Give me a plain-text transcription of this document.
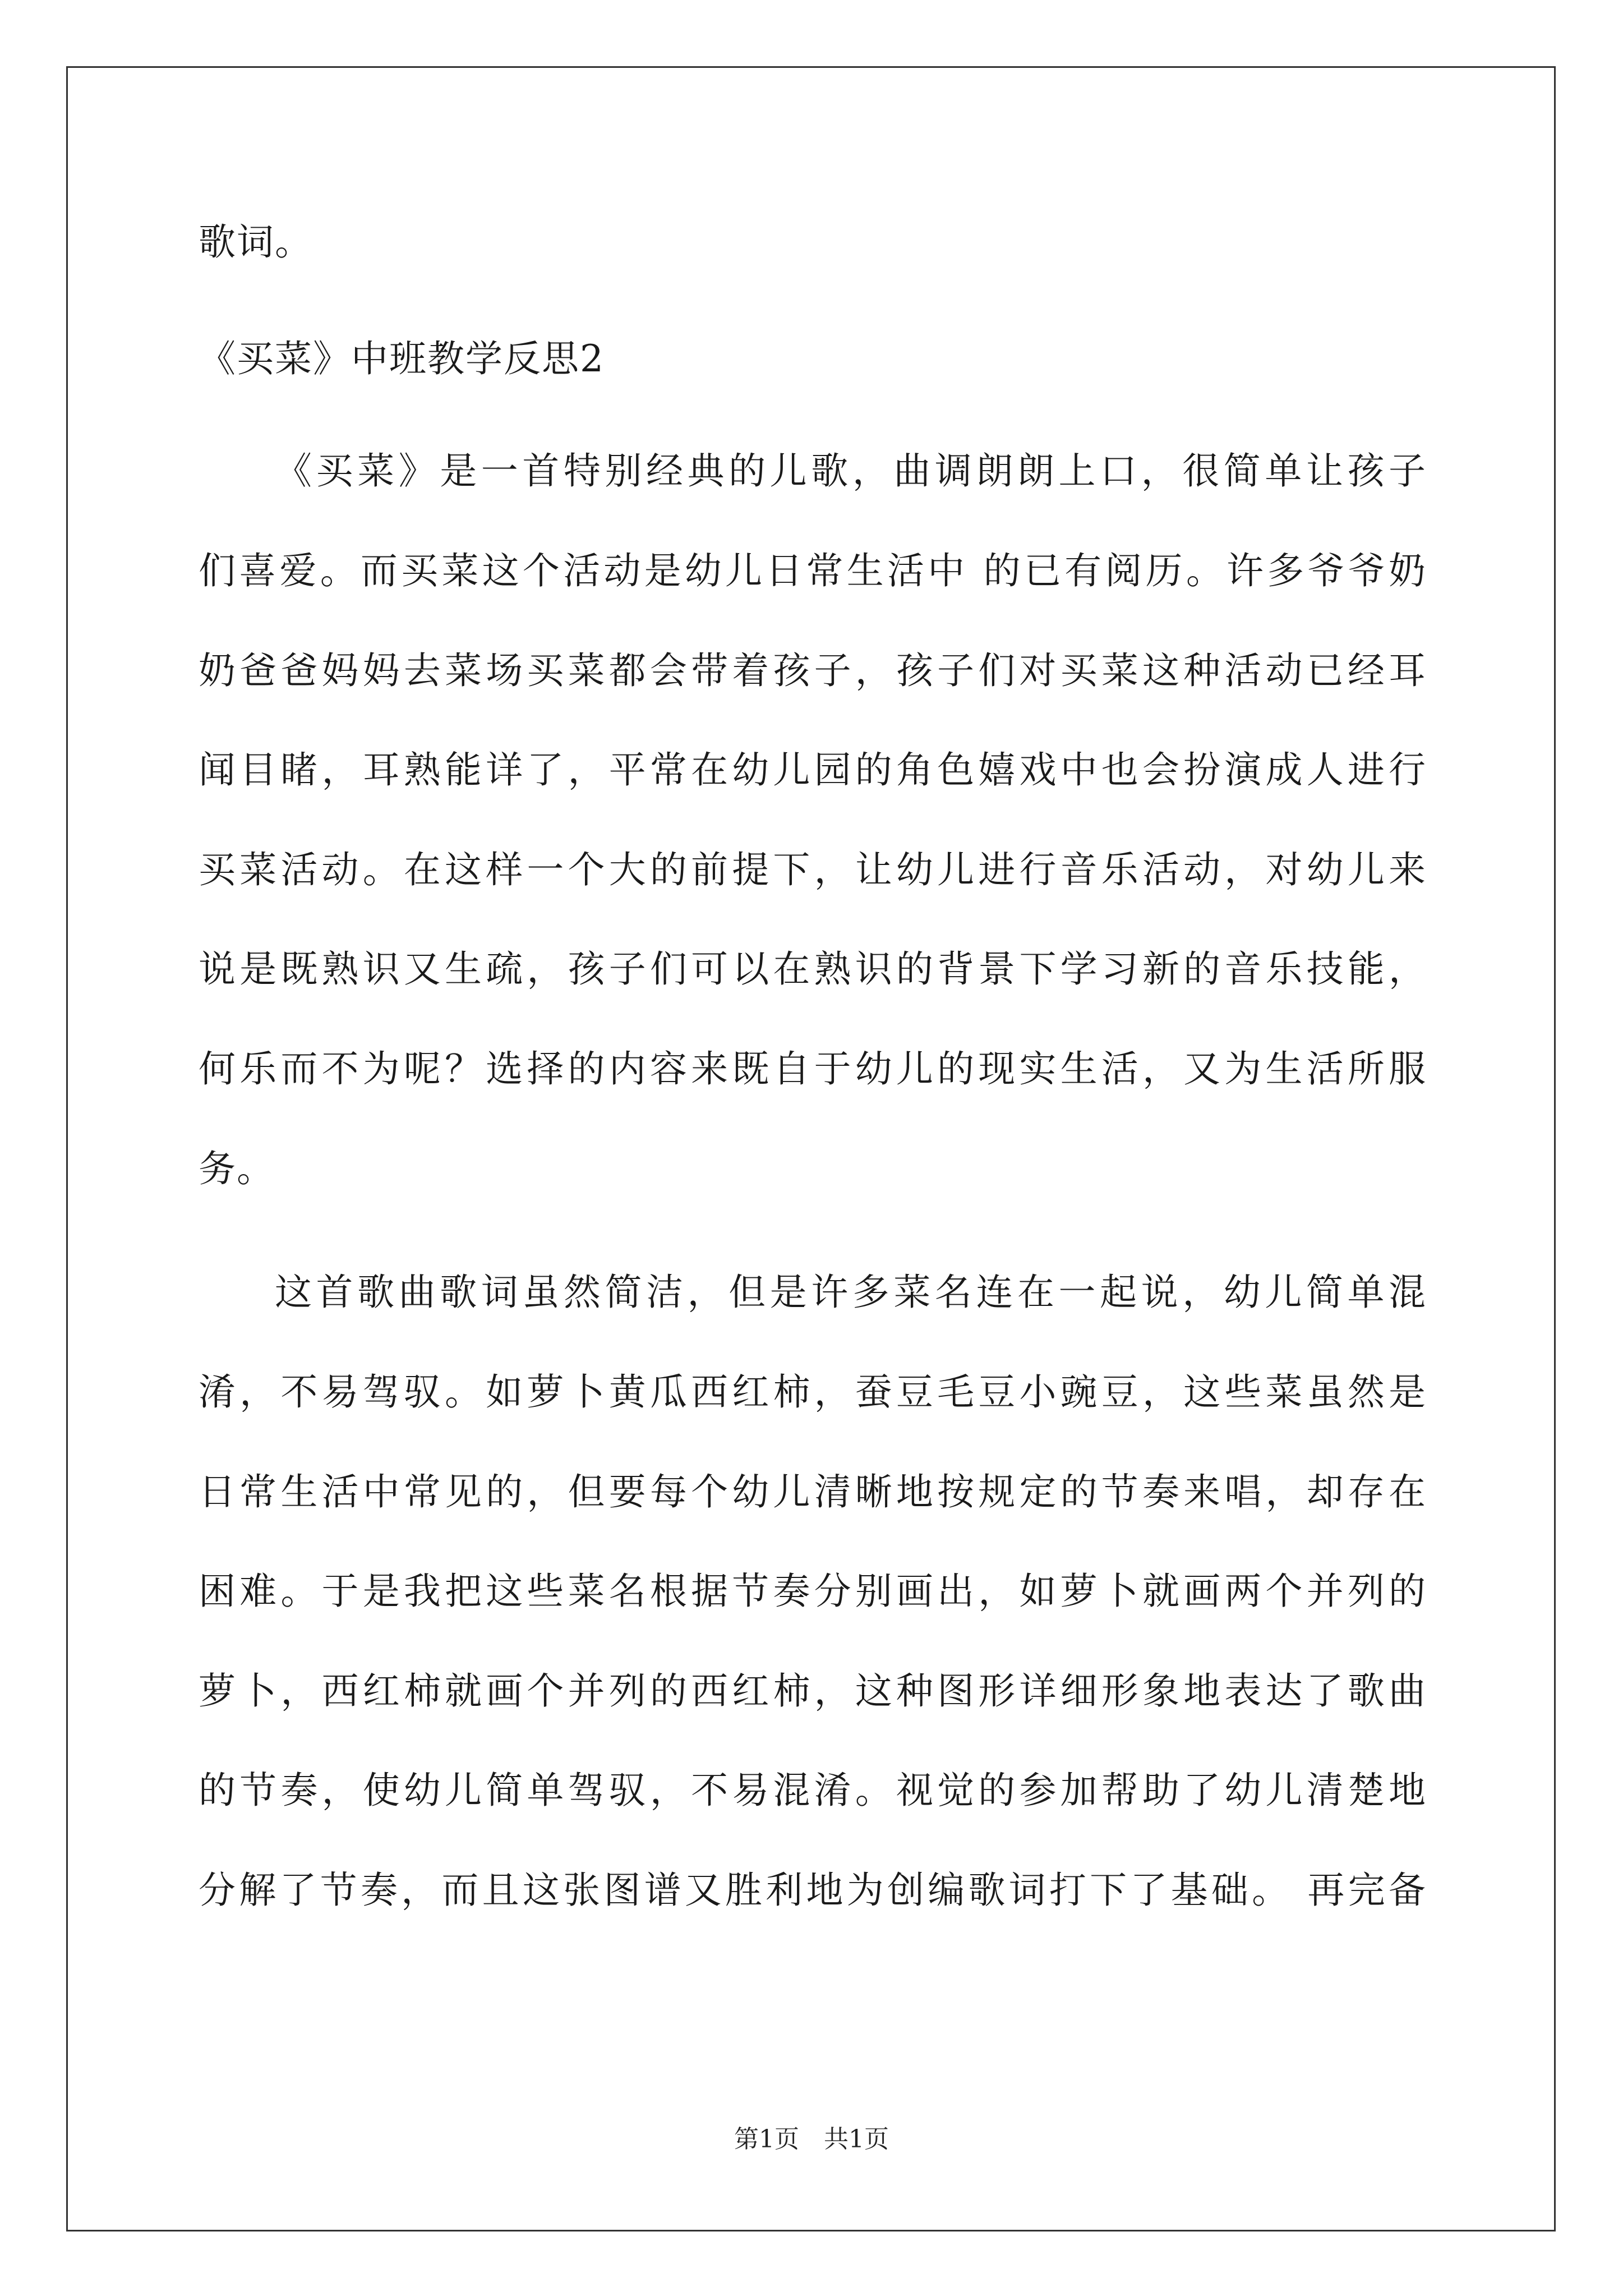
歌词。
《买菜》中班教学反思2
《买菜》是一首特别经典的儿歌，曲调朗朗上口，很简单让孩子
们喜爱。而买菜这个活动是幼儿日常生活中 的已有阅历。许多爷爷奶
奶爸爸妈妈去菜场买菜都会带着孩子，孩子们对买菜这种活动已经耳
闻目睹，耳熟能详了，平常在幼儿园的角色嬉戏中也会扮演成人进行
买菜活动。在这样一个大的前提下，让幼儿进行音乐活动，对幼儿来
说是既熟识又生疏，孩子们可以在熟识的背景下学习新的音乐技能，
何乐而不为呢？选择的内容来既自于幼儿的现实生活，又为生活所服
务。
这首歌曲歌词虽然简洁，但是许多菜名连在一起说，幼儿简单混
淆，不易驾驭。如萝卜黄瓜西红柿，蚕豆毛豆小豌豆，这些菜虽然是
日常生活中常见的，但要每个幼儿清晰地按规定的节奏来唱，却存在
困难。于是我把这些菜名根据节奏分别画出，如萝卜就画两个并列的
萝卜，西红柿就画个并列的西红柿，这种图形详细形象地表达了歌曲
的节奏，使幼儿简单驾驭，不易混淆。视觉的参加帮助了幼儿清楚地
分解了节奏，而且这张图谱又胜利地为创编歌词打下了基础。 再完备
第1页　共1页
